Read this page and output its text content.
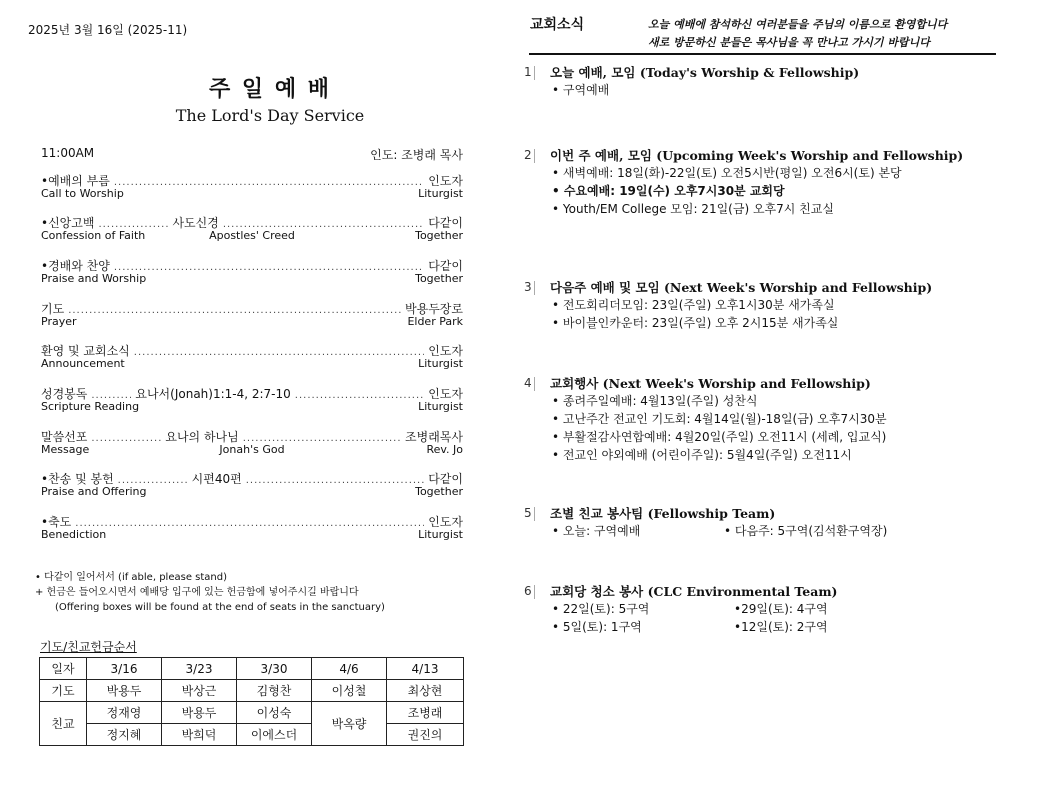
2025년 3월 16일 (2025-11)
주 일 예 배
The Lord's Day Service
11:00AM	인도: 조병래 목사
•예배의 부름 .....	인도자
Call to Worship	Liturgist
•신앙고백 .....	사도신경 .....	다같이
Confession of Faith	Apostles' Creed	Together
•경배와 찬양 .....	다같이
Praise and Worship	Together
기도 .....	박용두장로
Prayer	Elder Park
환영 및 교회소식 .....	인도자
Announcement	Liturgist
성경봉독 .....	요나서(Jonah)1:1-4, 2:7-10 .....	인도자
Scripture Reading	Liturgist
말씀선포 .....	요나의 하나님 .....	조병래목사
Message	Jonah's God	Rev. Jo
•찬송 및 봉헌 .....	시편40편 .....	다같이
Praise and Offering	Together
•축도 .....	인도자
Benediction	Liturgist
• 다같이 일어서서 (if able, please stand)
+ 헌금은 들어오시면서 예배당 입구에 있는 헌금함에 넣어주시길 바랍니다
(Offering boxes will be found at the end of seats in the sanctuary)
기도/친교헌금순서
일자	3/16	3/23	3/30	4/6	4/13
기도	박용두	박상근	김형찬	이성철	최상현
친교	정재영	박용두	이성숙	박옥량	조병래
	정지혜	박희덕	이에스더		권진의
교회소식	오늘 예배에 참석하신 여러분들을 주님의 이름으로 환영합니다
새로 방문하신 분들은 목사님을 꼭 만나고 가시기 바랍니다
1 오늘 예배, 모임 (Today's Worship & Fellowship)
• 구역예배
2 이번 주 예배, 모임 (Upcoming Week's Worship and Fellowship)
• 새벽예배: 18일(화)-22일(토) 오전5시반(평일) 오전6시(토) 본당
• 수요예배: 19일(수) 오후7시30분 교회당
• Youth/EM College 모임: 21일(금) 오후7시 친교실
3 다음주 예배 및 모임 (Next Week's Worship and Fellowship)
• 전도회리더모임: 23일(주일) 오후1시30분 새가족실
• 바이블인카운터: 23일(주일) 오후 2시15분 새가족실
4 교회행사 (Next Week's Worship and Fellowship)
• 종려주일예배: 4월13일(주일) 성찬식
• 고난주간 전교인 기도회: 4월14일(월)-18일(금) 오후7시30분
• 부활절감사연합예배: 4월20일(주일) 오전11시 (세례, 입교식)
• 전교인 야외예배 (어린이주일): 5월4일(주일) 오전11시
5 조별 친교 봉사팀 (Fellowship Team)
• 오늘: 구역예배	• 다음주: 5구역(김석환구역장)
6 교회당 청소 봉사 (CLC Environmental Team)
• 22일(토): 5구역	•29일(토): 4구역
• 5일(토): 1구역	•12일(토): 2구역
